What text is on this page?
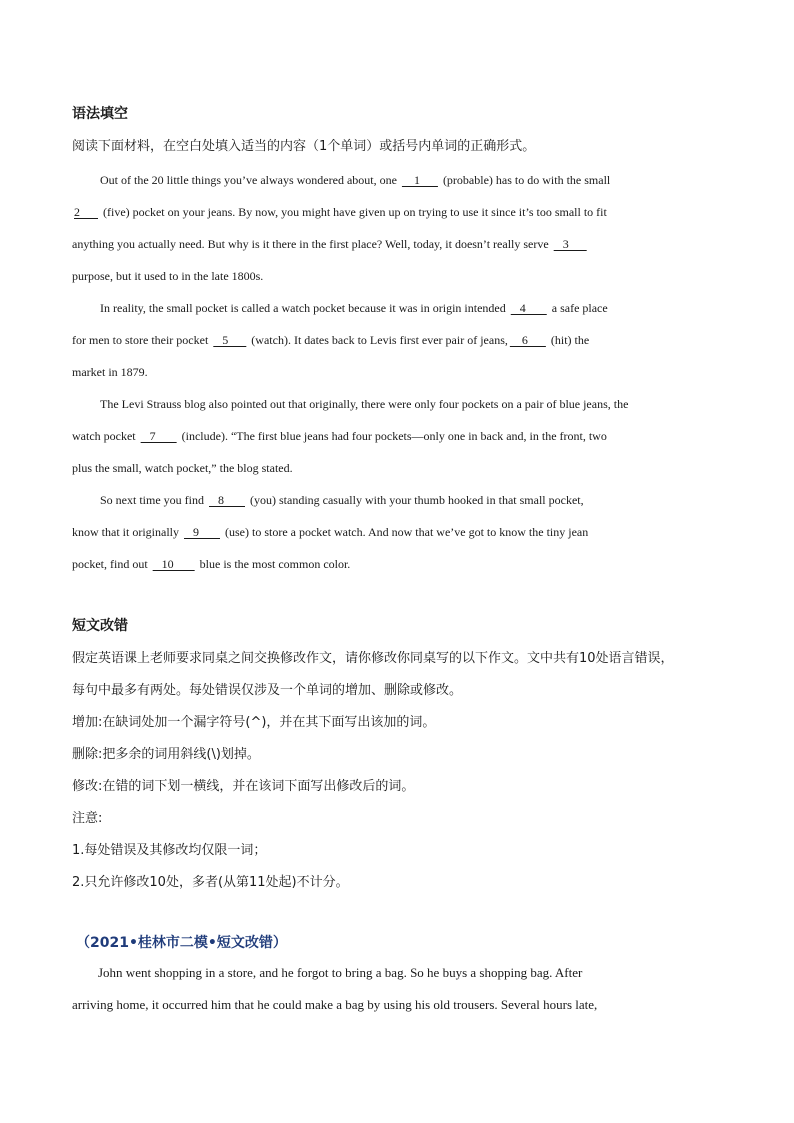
语法填空
阅读下面材料，在空白处填入适当的内容（1个单词）或括号内单词的正确形式。
Out of the 20 little things you’ve always wondered about, one     1       (probable) has to do with the small
2       (five) pocket on your jeans. By now, you might have given up on trying to use it since it’s too small to fit
anything you actually need. But why is it there in the first place? Well, today, it doesn’t really serve    3
purpose, but it used to in the late 1800s.
In reality, the small pocket is called a watch pocket because it was in origin intended    4        a safe place
for men to store their pocket    5       (watch). It dates back to Levis first ever pair of jeans,    6       (hit) the
market in 1879.
The Levi Strauss blog also pointed out that originally, there were only four pockets on a pair of blue jeans, the
watch pocket    7        (include). “The first blue jeans had four pockets—only one in back and, in the front, two
plus the small, watch pocket,” the blog stated.
So next time you find    8        (you) standing casually with your thumb hooked in that small pocket,
know that it originally    9        (use) to store a pocket watch. And now that we’ve got to know the tiny jean
pocket, find out    10        blue is the most common color.
短文改错
假定英语课上老师要求同桌之间交换修改作文，请你修改你同桌写的以下作文。文中共有10处语言错误，
每句中最多有两处。每处错误仅涉及一个单词的增加、删除或修改。
增加:在缺词处加一个漏字符号(^)，并在其下面写出该加的词。
删除:把多余的词用斜线(\)划掉。
修改:在错的词下划一横线，并在该词下面写出修改后的词。
注意:
1.每处错误及其修改均仅限一词；
2.只允许修改10处，多者(从第11处起)不计分。
（2021•桂林市二模•短文改错）
John went shopping in a store, and he forgot to bring a bag. So he buys a shopping bag. After
arriving home, it occurred him that he could make a bag by using his old trousers. Several hours late,
